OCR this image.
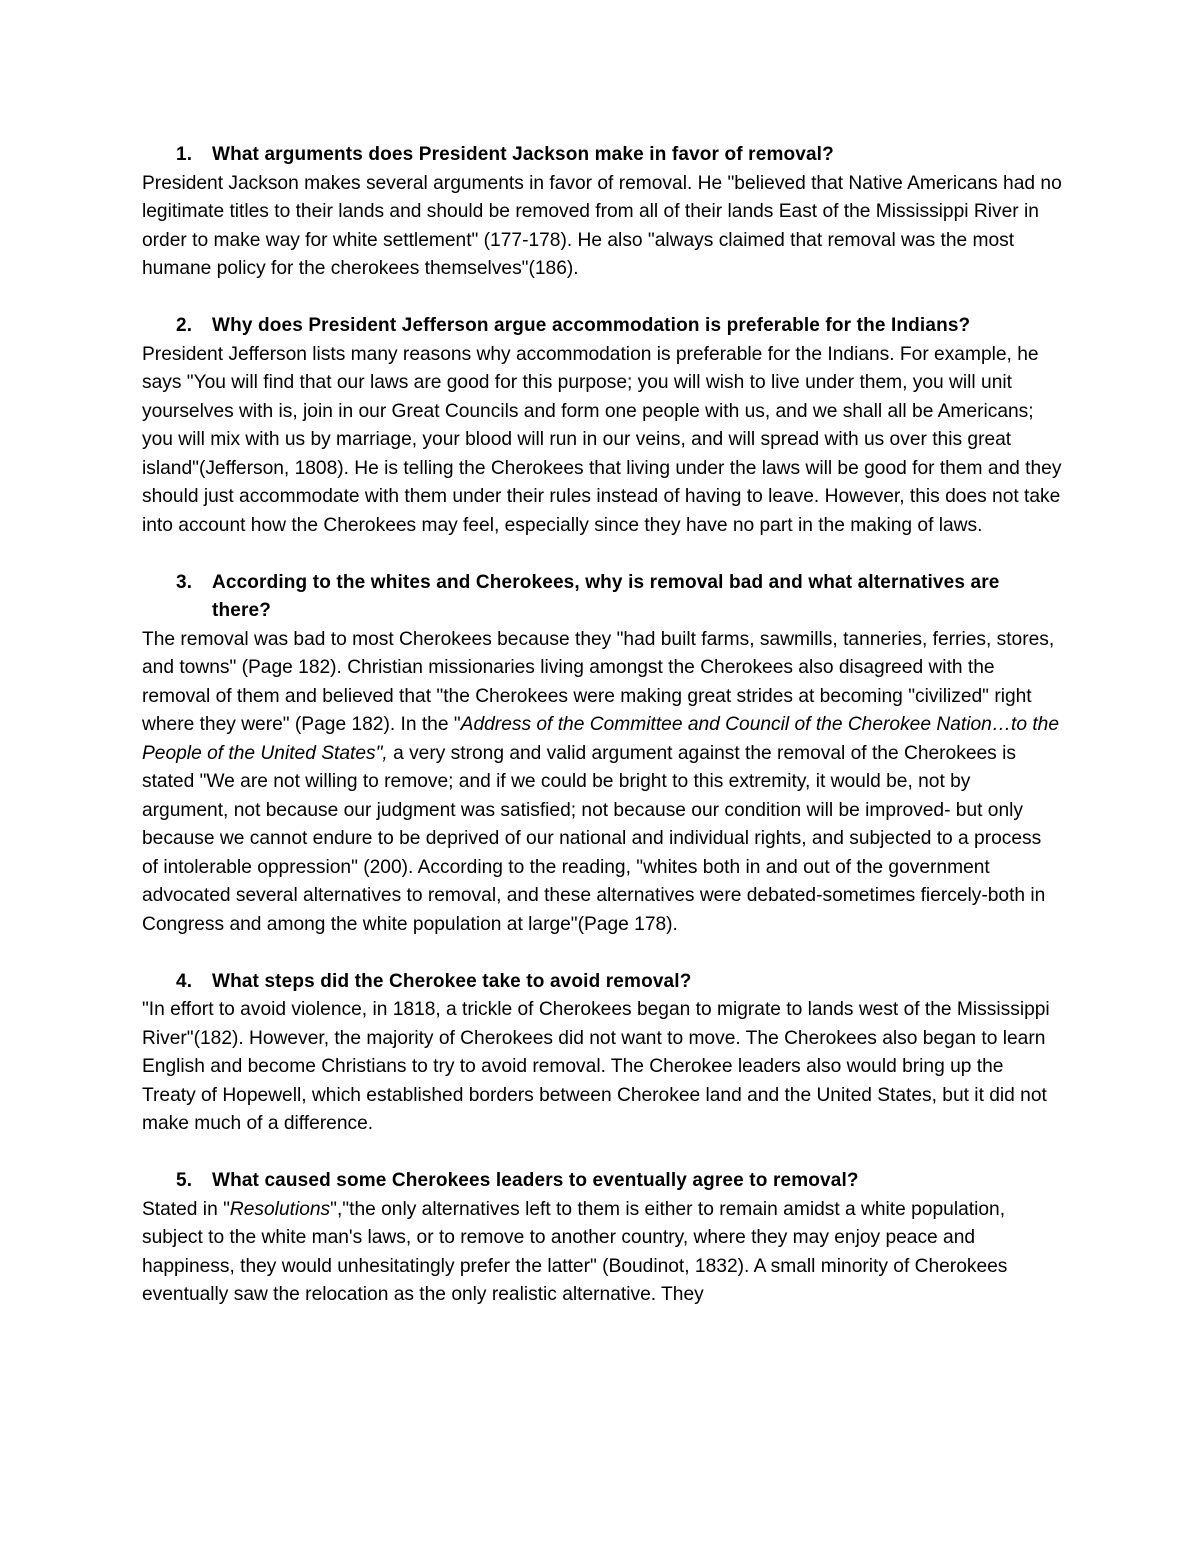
1. What arguments does President Jackson make in favor of removal?

President Jackson makes several arguments in favor of removal. He "believed that Native Americans had no legitimate titles to their lands and should be removed from all of their lands East of the Mississippi River in order to make way for white settlement" (177-178). He also "always claimed that removal was the most humane policy for the cherokees themselves"(186).

2. Why does President Jefferson argue accommodation is preferable for the Indians?

President Jefferson lists many reasons why accommodation is preferable for the Indians. For example, he says "You will find that our laws are good for this purpose; you will wish to live under them, you will unit yourselves with is, join in our Great Councils and form one people with us, and we shall all be Americans; you will mix with us by marriage, your blood will run in our veins, and will spread with us over this great island"(Jefferson, 1808). He is telling the Cherokees that living under the laws will be good for them and they should just accommodate with them under their rules instead of having to leave. However, this does not take into account how the Cherokees may feel, especially since they have no part in the making of laws.

3. According to the whites and Cherokees, why is removal bad and what alternatives are there?

The removal was bad to most Cherokees because they "had built farms, sawmills, tanneries, ferries, stores, and towns" (Page 182). Christian missionaries living amongst the Cherokees also disagreed with the removal of them and believed that "the Cherokees were making great strides at becoming "civilized" right where they were" (Page 182). In the "Address of the Committee and Council of the Cherokee Nation…to the People of the United States", a very strong and valid argument against the removal of the Cherokees is stated "We are not willing to remove; and if we could be bright to this extremity, it would be, not by argument, not because our judgment was satisfied; not because our condition will be improved- but only because we cannot endure to be deprived of our national and individual rights, and subjected to a process of intolerable oppression" (200). According to the reading, "whites both in and out of the government advocated several alternatives to removal, and these alternatives were debated-sometimes fiercely-both in Congress and among the white population at large"(Page 178).

4. What steps did the Cherokee take to avoid removal?

"In effort to avoid violence, in 1818, a trickle of Cherokees began to migrate to lands west of the Mississippi River"(182). However, the majority of Cherokees did not want to move. The Cherokees also began to learn English and become Christians to try to avoid removal. The Cherokee leaders also would bring up the Treaty of Hopewell, which established borders between Cherokee land and the United States, but it did not make much of a difference.

5. What caused some Cherokees leaders to eventually agree to removal?

Stated in "Resolutions","the only alternatives left to them is either to remain amidst a white population, subject to the white man's laws, or to remove to another country, where they may enjoy peace and happiness, they would unhesitatingly prefer the latter" (Boudinot, 1832). A small minority of Cherokees eventually saw the relocation as the only realistic alternative. They
